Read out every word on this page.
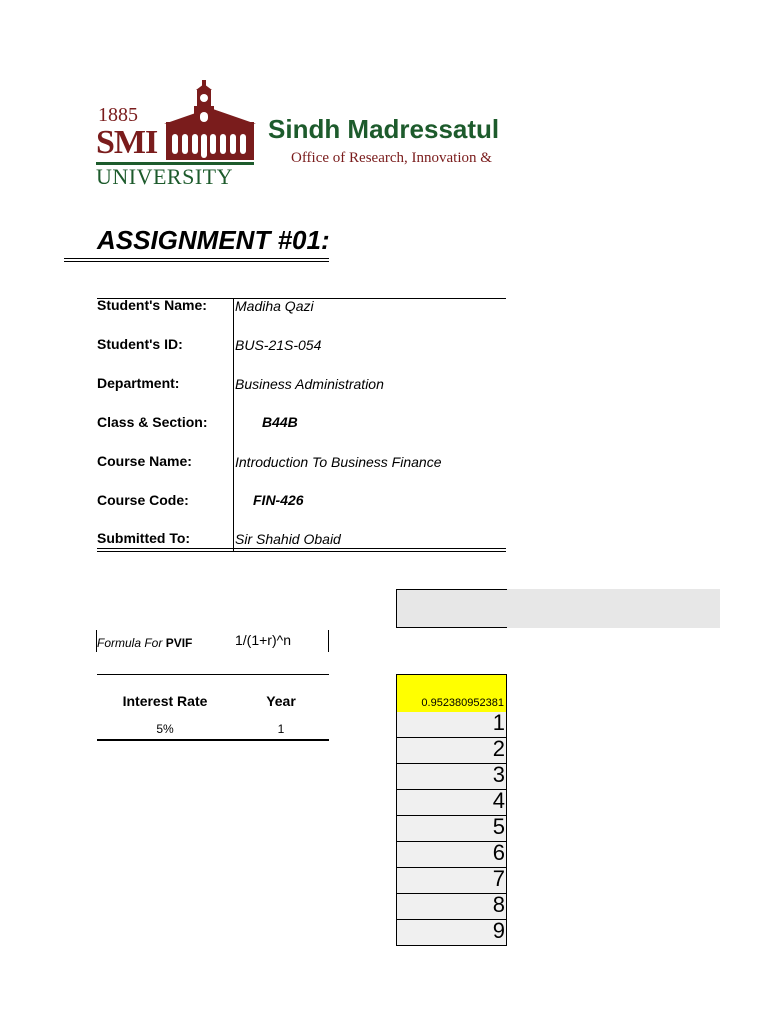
1885
SMI
UNIVERSITY
Sindh Madressatul
Office of Research, Innovation &
ASSIGNMENT #01:
Student's Name: Madiha Qazi
Student's ID:	BUS-21S-054
Department:	Business Administration
Class & Section:	B44B
Course Name:	Introduction To Business Finance
Course Code:	FIN-426
Submitted To:	Sir Shahid Obaid
Formula For PVIF	1/(1+r)^n
Interest Rate	Year
5%	1
0.952380952381
1
2
3
4
5
6
7
8
9
